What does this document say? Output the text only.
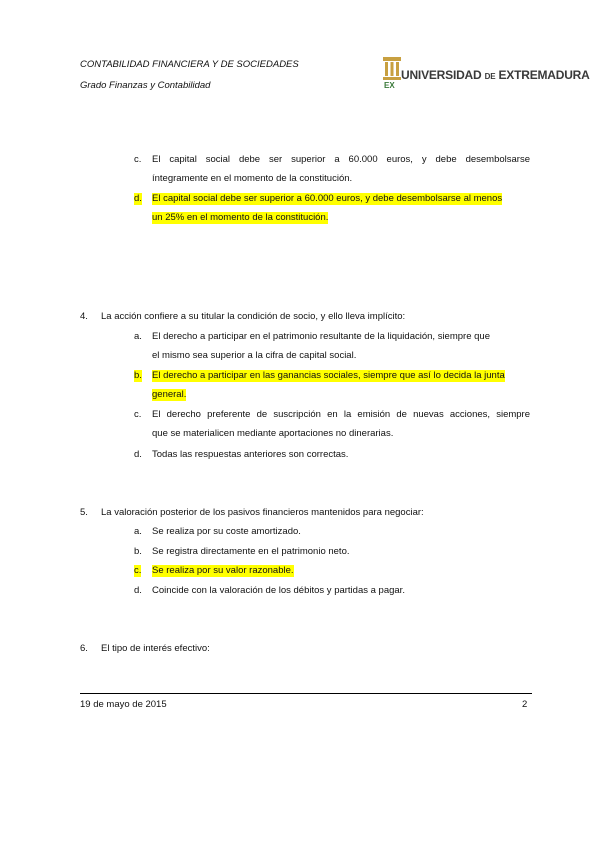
CONTABILIDAD FINANCIERA Y DE SOCIEDADES
Grado Finanzas y Contabilidad	EX
UNIVERSIDAD DE EXTREMADURA
c. El capital social debe ser superior a 60.000 euros, y debe desembolsarse
íntegramente en el momento de la constitución.
d. El capital social debe ser superior a 60.000 euros, y debe desembolsarse al menos
un 25% en el momento de la constitución.
4. La acción confiere a su titular la condición de socio, y ello lleva implícito:
a. El derecho a participar en el patrimonio resultante de la liquidación, siempre que
el mismo sea superior a la cifra de capital social.
b. El derecho a participar en las ganancias sociales, siempre que así lo decida la junta
general.
c. El derecho preferente de suscripción en la emisión de nuevas acciones, siempre
que se materialicen mediante aportaciones no dinerarias.
d. Todas las respuestas anteriores son correctas.
5. La valoración posterior de los pasivos financieros mantenidos para negociar:
a. Se realiza por su coste amortizado.
b. Se registra directamente en el patrimonio neto.
c. Se realiza por su valor razonable.
d. Coincide con la valoración de los débitos y partidas a pagar.
6. El tipo de interés efectivo:
19 de mayo de 2015	2
